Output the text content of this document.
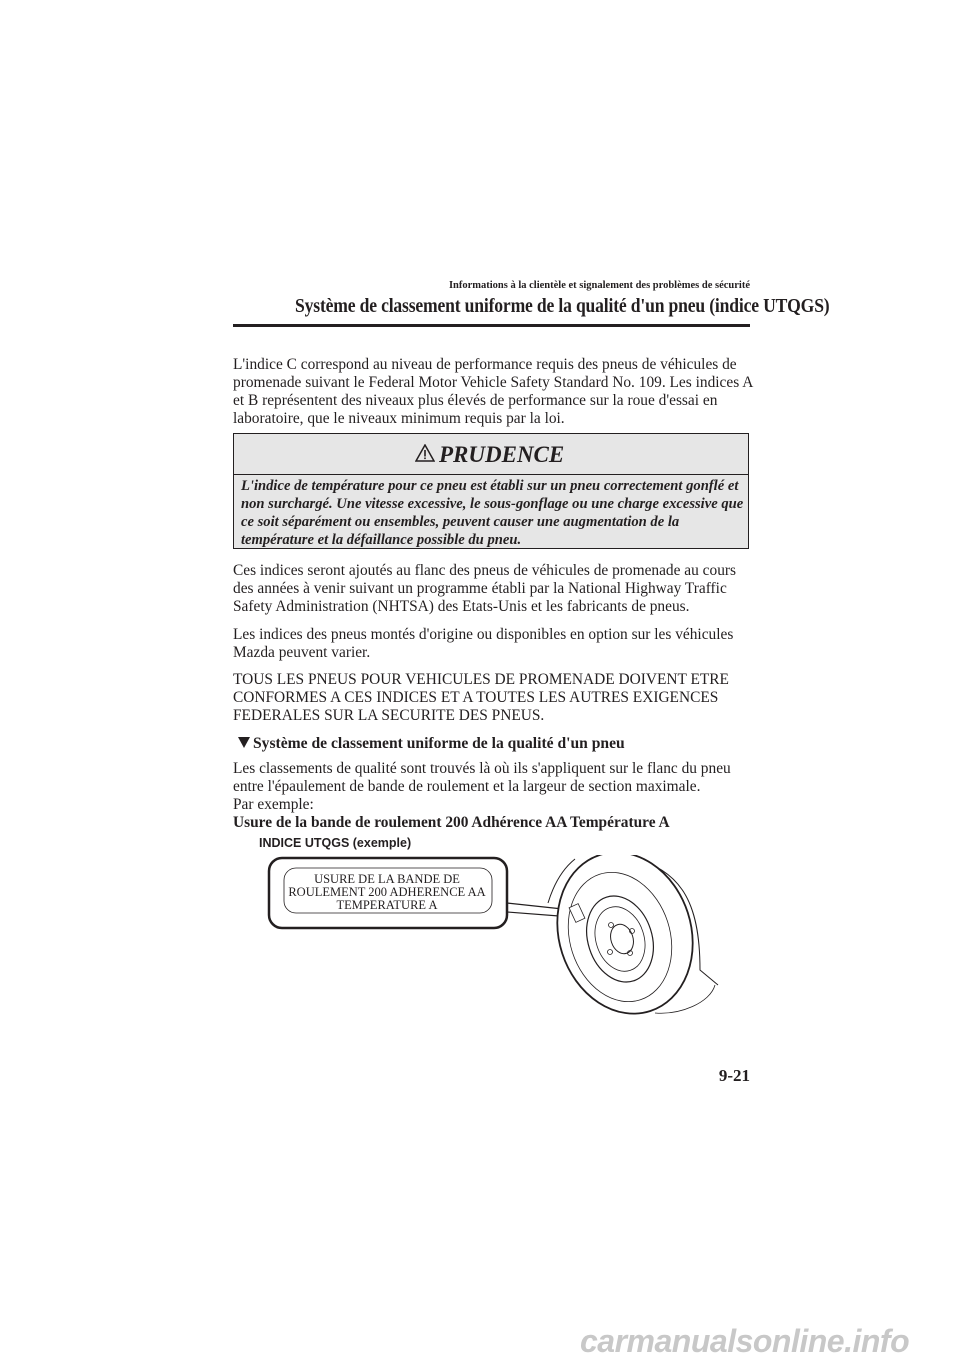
Informations à la clientèle et signalement des problèmes de sécurité
Système de classement uniforme de la qualité d'un pneu (indice UTQGS)
L'indice C correspond au niveau de performance requis des pneus de véhicules de promenade suivant le Federal Motor Vehicle Safety Standard No. 109. Les indices A et B représentent des niveaux plus élevés de performance sur la roue d'essai en laboratoire, que le niveaux minimum requis par la loi.
PRUDENCE
L'indice de température pour ce pneu est établi sur un pneu correctement gonflé et non surchargé. Une vitesse excessive, le sous-gonflage ou une charge excessive que ce soit séparément ou ensembles, peuvent causer une augmentation de la température et la défaillance possible du pneu.
Ces indices seront ajoutés au flanc des pneus de véhicules de promenade au cours des années à venir suivant un programme établi par la National Highway Traffic Safety Administration (NHTSA) des Etats-Unis et les fabricants de pneus.
Les indices des pneus montés d'origine ou disponibles en option sur les véhicules Mazda peuvent varier.
TOUS LES PNEUS POUR VEHICULES DE PROMENADE DOIVENT ETRE CONFORMES A CES INDICES ET A TOUTES LES AUTRES EXIGENCES FEDERALES SUR LA SECURITE DES PNEUS.
Système de classement uniforme de la qualité d'un pneu
Les classements de qualité sont trouvés là où ils s'appliquent sur le flanc du pneu entre l'épaulement de bande de roulement et la largeur de section maximale.
Par exemple:
Usure de la bande de roulement 200 Adhérence AA Température A
INDICE UTQGS (exemple)
USURE DE LA BANDE DE
ROULEMENT 200 ADHERENCE AA
TEMPERATURE A
9-21
carmanualsonline.info
